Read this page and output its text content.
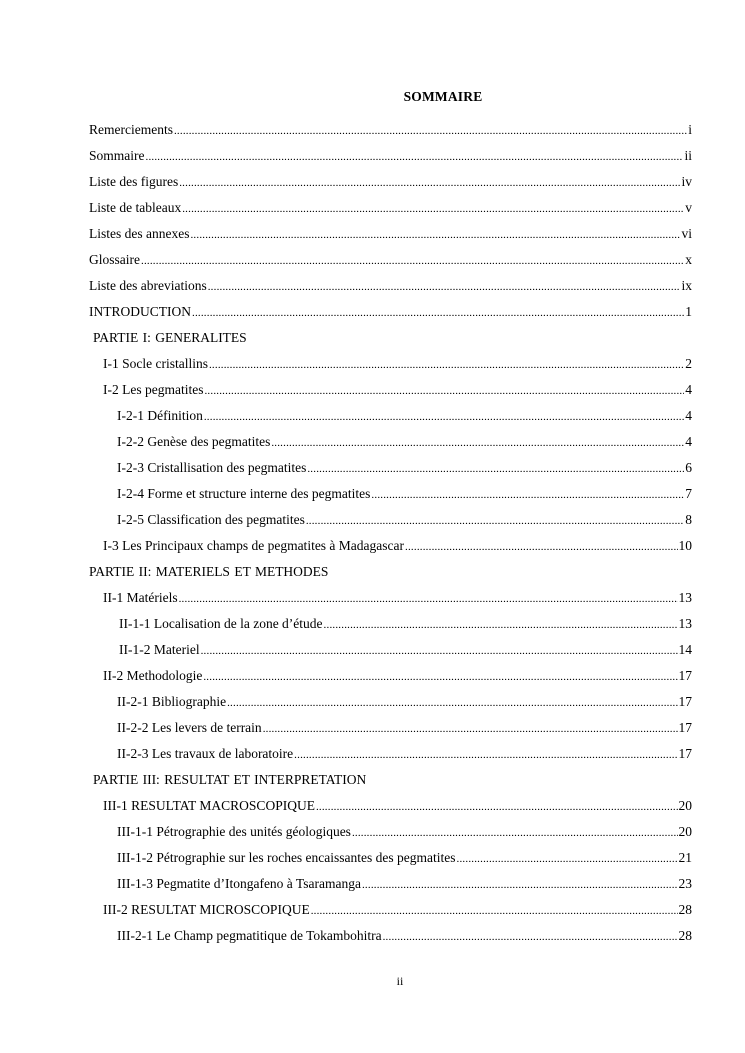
SOMMAIRE
Remerciements .....	i
Sommaire .....	ii
Liste des figures .....	iv
Liste de tableaux .....	v
Listes des annexes .....	vi
Glossaire .....	x
Liste des abreviations .....	ix
INTRODUCTION .....	1
PARTIE I: GENERALITES
I-1 Socle cristallins .....	2
I-2 Les pegmatites .....	4
I-2-1 Définition .....	4
I-2-2 Genèse des pegmatites .....	4
I-2-3 Cristallisation des pegmatites .....	6
I-2-4 Forme et structure interne des pegmatites .....	7
I-2-5 Classification des pegmatites .....	8
I-3 Les Principaux champs de pegmatites à Madagascar .....	10
PARTIE II: MATERIELS ET METHODES
II-1 Matériels .....	13
II-1-1 Localisation de la zone d’étude .....	13
II-1-2 Materiel .....	14
II-2 Methodologie .....	17
II-2-1 Bibliographie .....	17
II-2-2 Les levers de terrain .....	17
II-2-3 Les travaux de laboratoire .....	17
PARTIE III: RESULTAT ET INTERPRETATION
III-1 RESULTAT MACROSCOPIQUE .....	20
III-1-1 Pétrographie des unités géologiques .....	20
III-1-2 Pétrographie sur les roches encaissantes des pegmatites .....	21
III-1-3 Pegmatite d’Itongafeno à Tsaramanga .....	23
III-2 RESULTAT MICROSCOPIQUE .....	28
III-2-1 Le Champ pegmatitique de Tokambohitra .....	28
ii
